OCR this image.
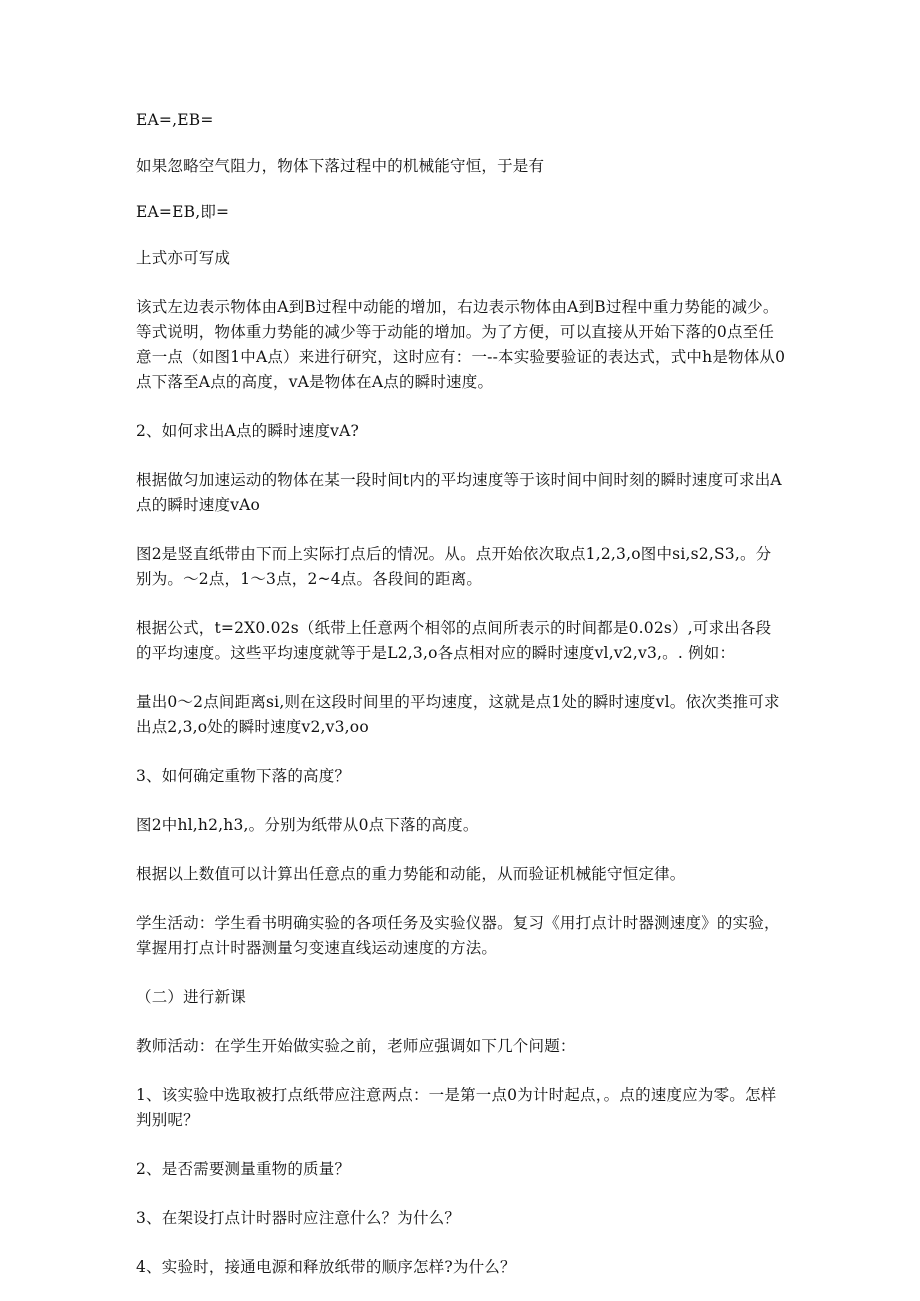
EA=,EB=

如果忽略空气阻力，物体下落过程中的机械能守恒，于是有

EA=EB,即=

上式亦可写成

该式左边表示物体由A到B过程中动能的增加，右边表示物体由A到B过程中重力势能的减少。等式说明，物体重力势能的减少等于动能的增加。为了方便，可以直接从开始下落的0点至任意一点（如图1中A点）来进行研究，这时应有：一--本实验要验证的表达式，式中h是物体从0点下落至A点的高度，vA是物体在A点的瞬时速度。

2、如何求出A点的瞬时速度vA?

根据做匀加速运动的物体在某一段时间t内的平均速度等于该时间中间时刻的瞬时速度可求出A点的瞬时速度vAo

图2是竖直纸带由下而上实际打点后的情况。从。点开始依次取点1,2,3,o图中si,s2,S3,。分别为。～2点，1～3点，2~4点。各段间的距离。

根据公式，t=2X0.02s（纸带上任意两个相邻的点间所表示的时间都是0.02s）,可求出各段的平均速度。这些平均速度就等于是L2,3,o各点相对应的瞬时速度vl,v2,v3,。. 例如：

量出0～2点间距离si,则在这段时间里的平均速度，这就是点1处的瞬时速度vl。依次类推可求出点2,3,o处的瞬时速度v2,v3,oo

3、如何确定重物下落的高度？

图2中hl,h2,h3,。分别为纸带从0点下落的高度。

根据以上数值可以计算出任意点的重力势能和动能，从而验证机械能守恒定律。

学生活动：学生看书明确实验的各项任务及实验仪器。复习《用打点计时器测速度》的实验，掌握用打点计时器测量匀变速直线运动速度的方法。

（二）进行新课

教师活动：在学生开始做实验之前，老师应强调如下几个问题：

1、该实验中选取被打点纸带应注意两点：一是第一点0为计时起点，。点的速度应为零。怎样判别呢？

2、是否需要测量重物的质量？

3、在架设打点计时器时应注意什么？为什么？

4、实验时，接通电源和释放纸带的顺序怎样?为什么？
